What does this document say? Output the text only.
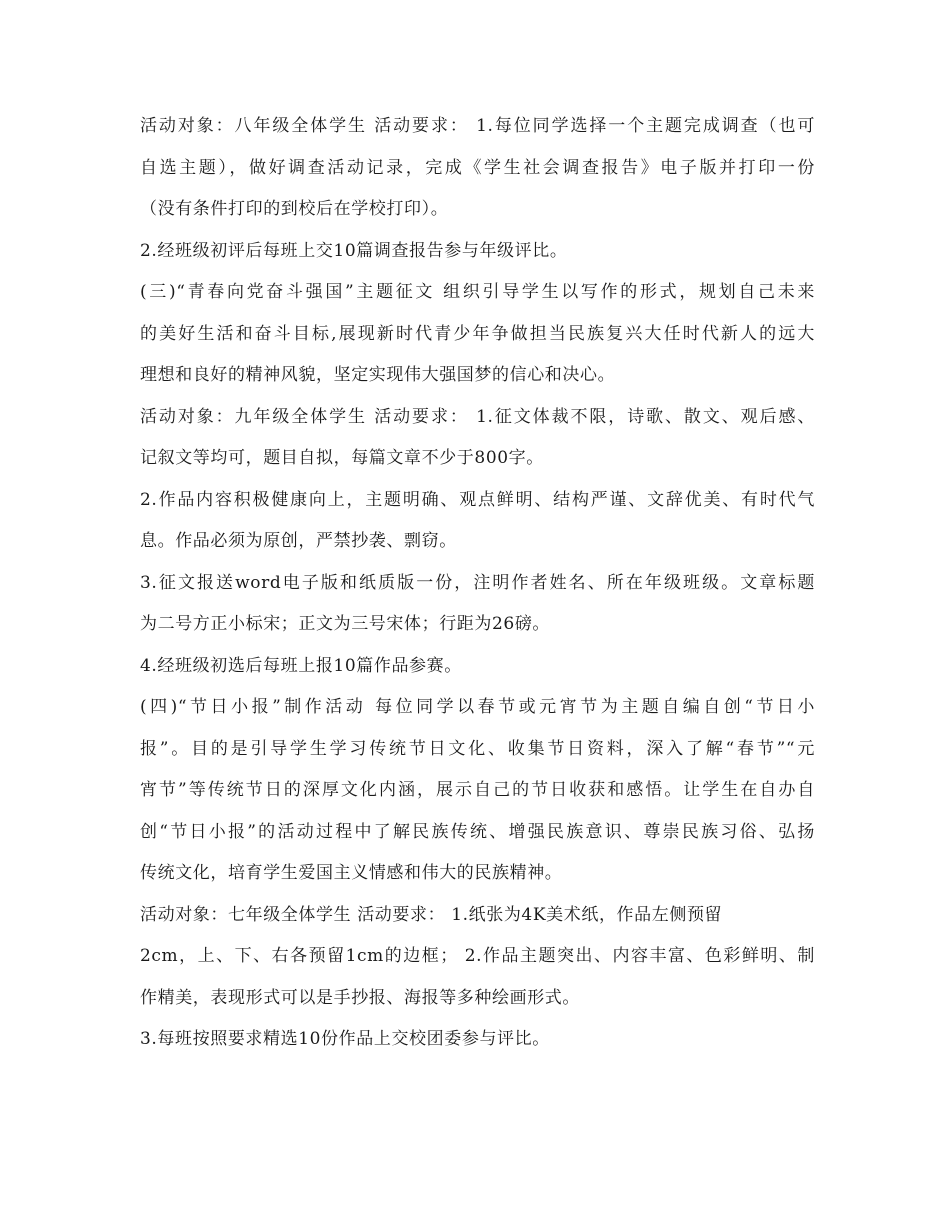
活动对象：八年级全体学生 活动要求： 1.每位同学选择一个主题完成调查（也可
自选主题），做好调查活动记录，完成《学生社会调查报告》电子版并打印一份
（没有条件打印的到校后在学校打印）。
2.经班级初评后每班上交10篇调查报告参与年级评比。
(三)“青春向党奋斗强国”主题征文 组织引导学生以写作的形式，规划自己未来
的美好生活和奋斗目标,展现新时代青少年争做担当民族复兴大任时代新人的远大
理想和良好的精神风貌，坚定实现伟大强国梦的信心和决心。
活动对象：九年级全体学生 活动要求： 1.征文体裁不限，诗歌、散文、观后感、
记叙文等均可，题目自拟，每篇文章不少于800字。
2.作品内容积极健康向上，主题明确、观点鲜明、结构严谨、文辞优美、有时代气
息。作品必须为原创，严禁抄袭、剽窃。
3.征文报送word电子版和纸质版一份，注明作者姓名、所在年级班级。文章标题
为二号方正小标宋；正文为三号宋体；行距为26磅。
4.经班级初选后每班上报10篇作品参赛。
(四)“节日小报”制作活动 每位同学以春节或元宵节为主题自编自创“节日小
报”。目的是引导学生学习传统节日文化、收集节日资料，深入了解“春节”“元
宵节”等传统节日的深厚文化内涵，展示自己的节日收获和感悟。让学生在自办自
创“节日小报”的活动过程中了解民族传统、增强民族意识、尊崇民族习俗、弘扬
传统文化，培育学生爱国主义情感和伟大的民族精神。
活动对象：七年级全体学生 活动要求： 1.纸张为4K美术纸，作品左侧预留
2cm，上、下、右各预留1cm的边框； 2.作品主题突出、内容丰富、色彩鲜明、制
作精美，表现形式可以是手抄报、海报等多种绘画形式。
3.每班按照要求精选10份作品上交校团委参与评比。
